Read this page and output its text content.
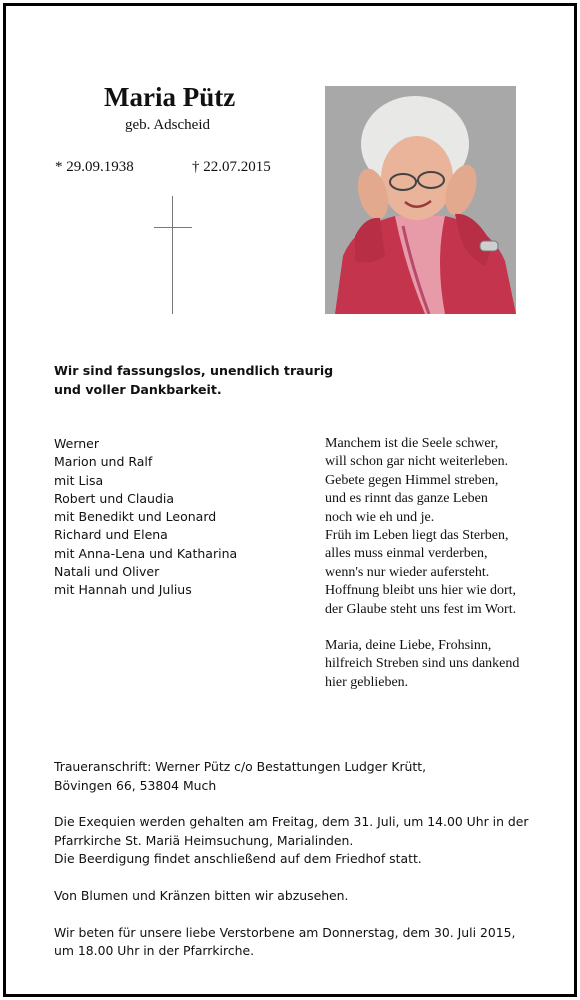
Maria Pütz
geb. Adscheid
* 29.09.1938	† 22.07.2015
Wir sind fassungslos, unendlich traurig
und voller Dankbarkeit.
Werner
Marion und Ralf
mit Lisa
Robert und Claudia
mit Benedikt und Leonard
Richard und Elena
mit Anna-Lena und Katharina
Natali und Oliver
mit Hannah und Julius
Manchem ist die Seele schwer,
will schon gar nicht weiterleben.
Gebete gegen Himmel streben,
und es rinnt das ganze Leben
noch wie eh und je.
Früh im Leben liegt das Sterben,
alles muss einmal verderben,
wenn's nur wieder aufersteht.
Hoffnung bleibt uns hier wie dort,
der Glaube steht uns fest im Wort.
Maria, deine Liebe, Frohsinn,
hilfreich Streben sind uns dankend
hier geblieben.

Traueranschrift: Werner Pütz c/o Bestattungen Ludger Krütt,
Bövingen 66, 53804 Much

Die Exequien werden gehalten am Freitag, dem 31. Juli, um 14.00 Uhr in der
Pfarrkirche St. Mariä Heimsuchung, Marialinden.
Die Beerdigung findet anschließend auf dem Friedhof statt.

Von Blumen und Kränzen bitten wir abzusehen.

Wir beten für unsere liebe Verstorbene am Donnerstag, dem 30. Juli 2015,
um 18.00 Uhr in der Pfarrkirche.
